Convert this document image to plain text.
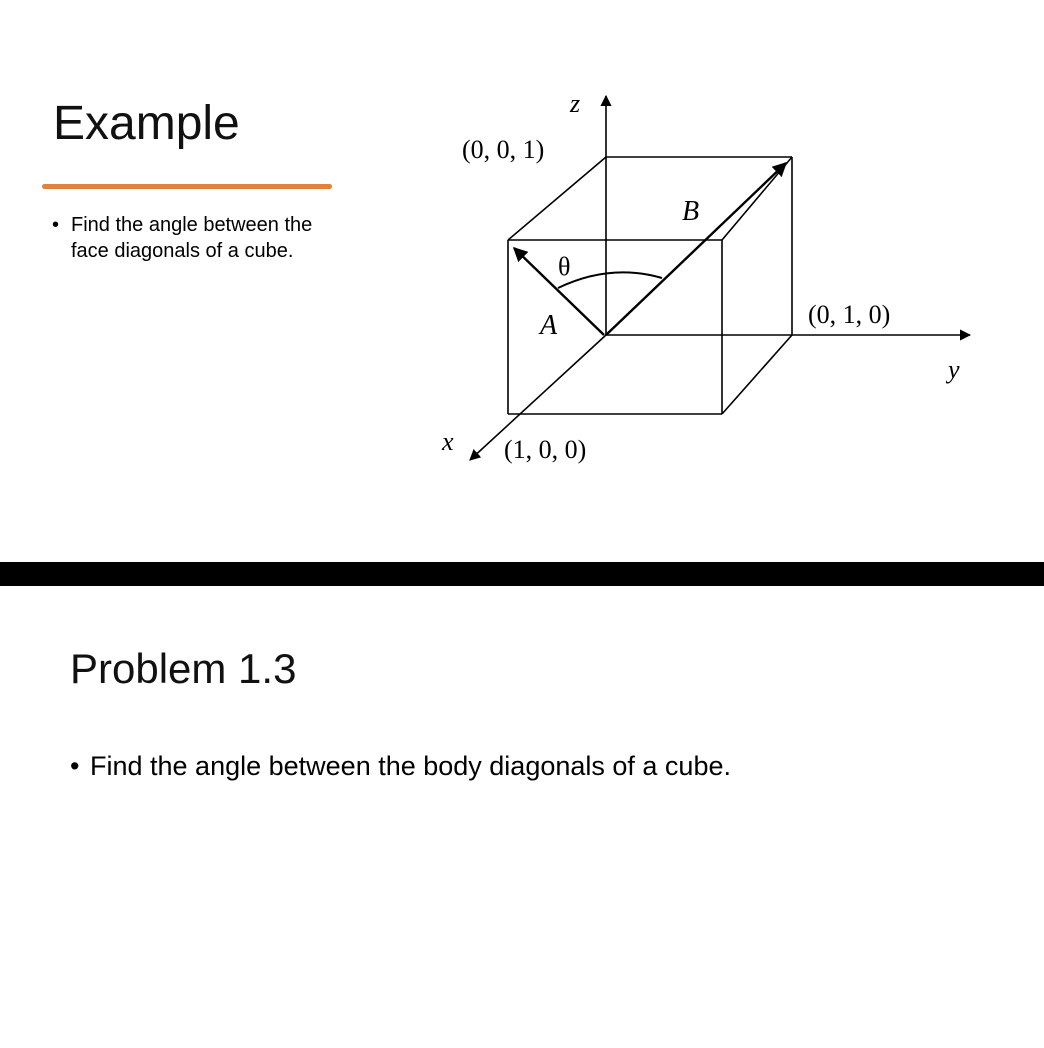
Example
• Find the angle between the face diagonals of a cube.
z
(0, 0, 1)
B
θ
A	(0, 1, 0)
y
x (1, 0, 0)
Problem 1.3
• Find the angle between the body diagonals of a cube.
